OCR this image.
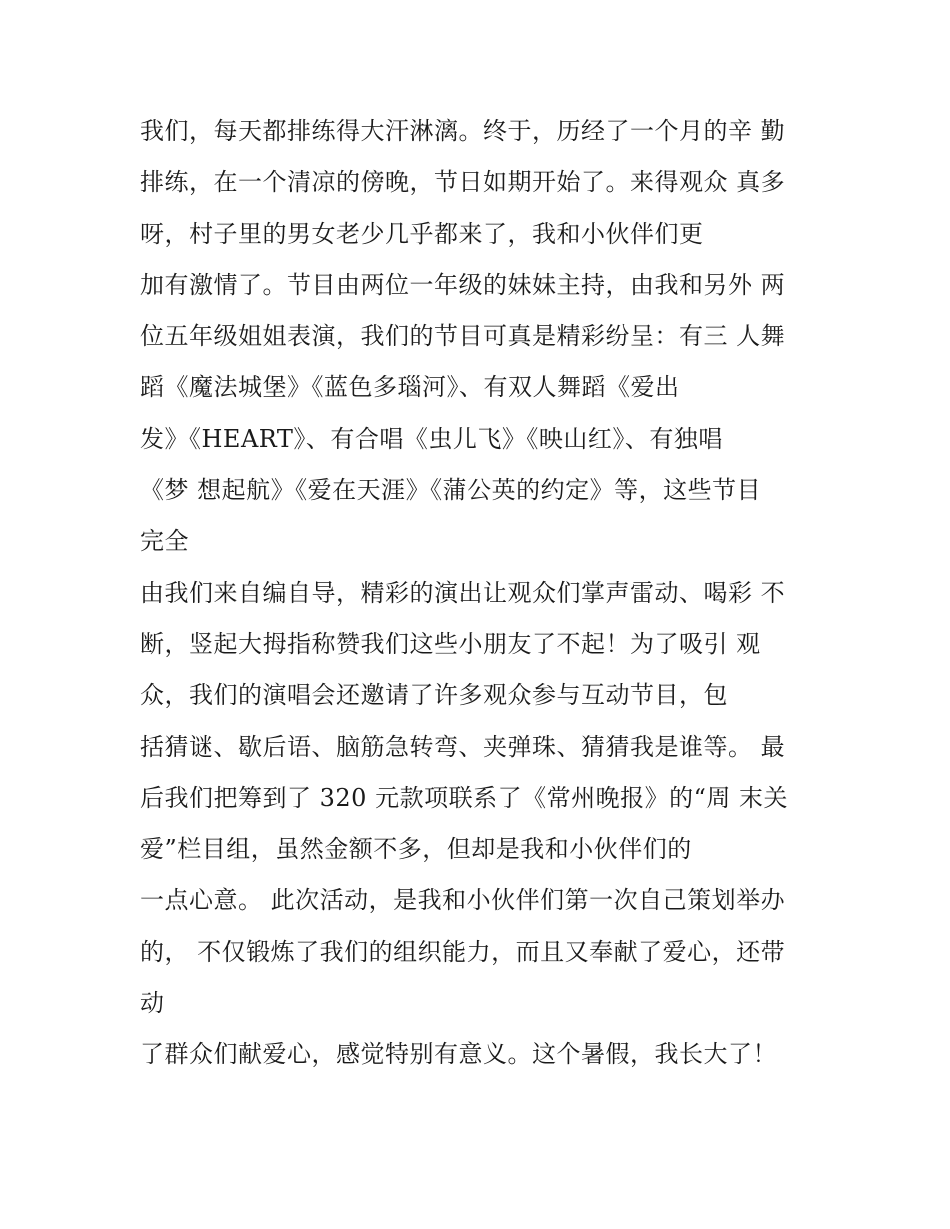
我们，每天都排练得大汗淋漓。终于，历经了一个月的辛 勤
排练，在一个清凉的傍晚，节日如期开始了。来得观众 真多
呀，村子里的男女老少几乎都来了，我和小伙伴们更
加有激情了。节目由两位一年级的妹妹主持，由我和另外 两
位五年级姐姐表演，我们的节目可真是精彩纷呈：有三 人舞
蹈《魔法城堡》《蓝色多瑙河》、有双人舞蹈《爱出
发》《HEART》、有合唱《虫儿飞》《映山红》、有独唱
《梦 想起航》《爱在天涯》《蒲公英的约定》等，这些节目
完全
由我们来自编自导，精彩的演出让观众们掌声雷动、喝彩 不
断，竖起大拇指称赞我们这些小朋友了不起！为了吸引 观
众，我们的演唱会还邀请了许多观众参与互动节目，包
括猜谜、歇后语、脑筋急转弯、夹弹珠、猜猜我是谁等。 最
后我们把筹到了 320 元款项联系了《常州晚报》的“周 末关
爱”栏目组，虽然金额不多，但却是我和小伙伴们的
一点心意。 此次活动，是我和小伙伴们第一次自己策划举办
的， 不仅锻炼了我们的组织能力，而且又奉献了爱心，还带
动
了群众们献爱心，感觉特别有意义。这个暑假，我长大了！
